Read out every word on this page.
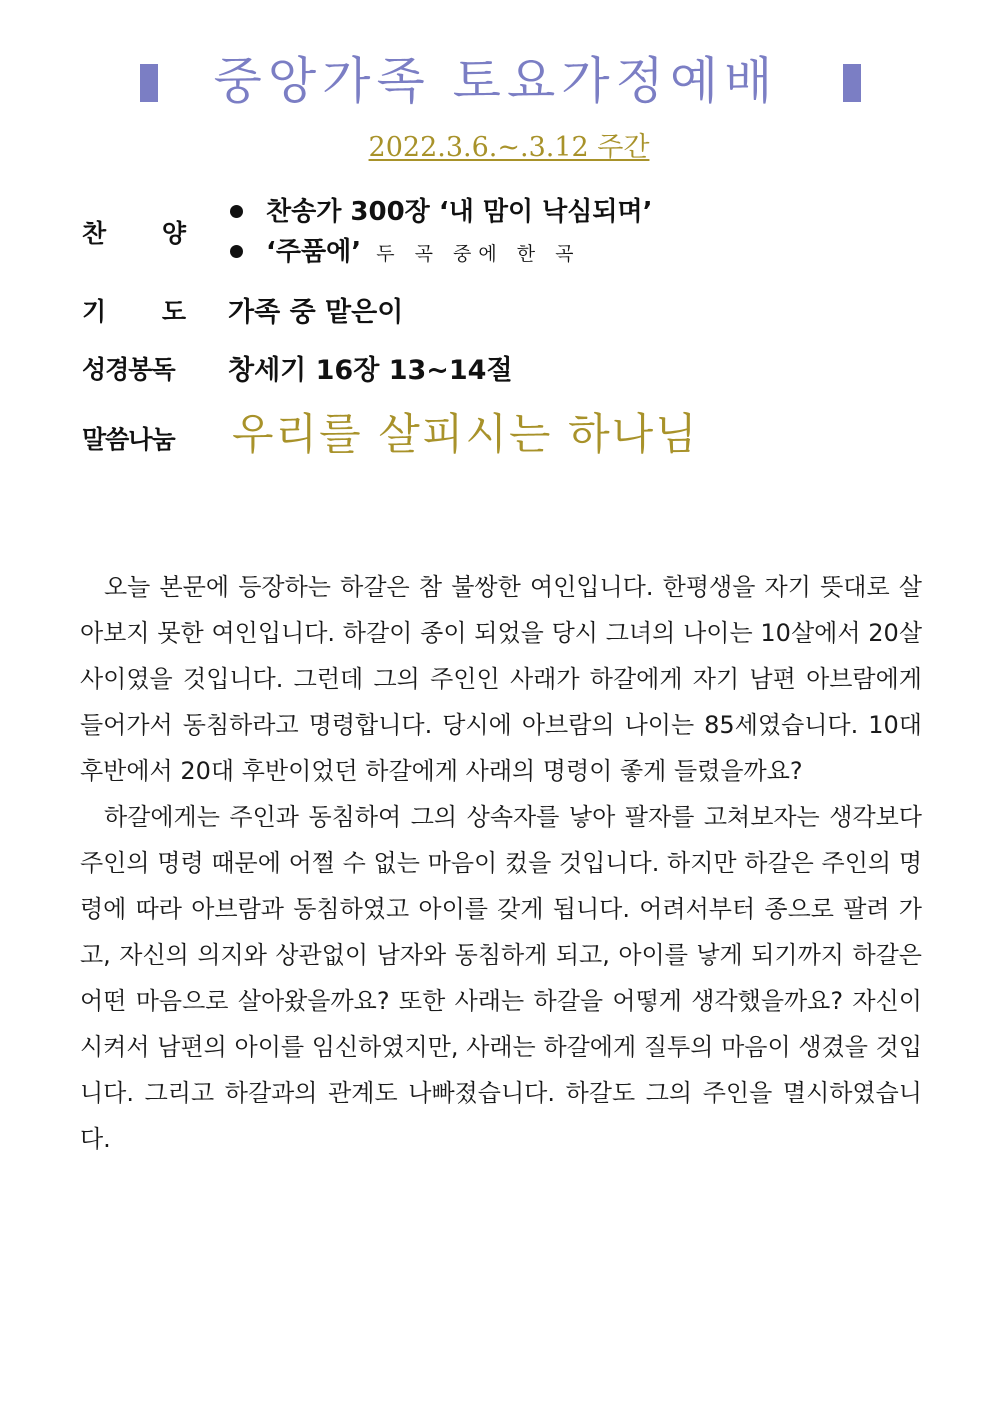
중앙가족 토요가정예배
2022.3.6.~.3.12 주간
찬 양
찬송가 300장 ‘내 맘이 낙심되며’
‘주품에’ 두 곡 중에 한 곡
기 도 가족 중 맡은이
성경봉독 창세기 16장 13~14절
말씀나눔 우리를 살피시는 하나님

오늘 본문에 등장하는 하갈은 참 불쌍한 여인입니다. 한평생을 자기 뜻대로 살아보지 못한 여인입니다. 하갈이 종이 되었을 당시 그녀의 나이는 10살에서 20살 사이였을 것입니다. 그런데 그의 주인인 사래가 하갈에게 자기 남편 아브람에게 들어가서 동침하라고 명령합니다. 당시에 아브람의 나이는 85세였습니다. 10대 후반에서 20대 후반이었던 하갈에게 사래의 명령이 좋게 들렸을까요?

하갈에게는 주인과 동침하여 그의 상속자를 낳아 팔자를 고쳐보자는 생각보다 주인의 명령 때문에 어쩔 수 없는 마음이 컸을 것입니다. 하지만 하갈은 주인의 명령에 따라 아브람과 동침하였고 아이를 갖게 됩니다. 어려서부터 종으로 팔려 가고, 자신의 의지와 상관없이 남자와 동침하게 되고, 아이를 낳게 되기까지 하갈은 어떤 마음으로 살아왔을까요? 또한 사래는 하갈을 어떻게 생각했을까요? 자신이 시켜서 남편의 아이를 임신하였지만, 사래는 하갈에게 질투의 마음이 생겼을 것입니다. 그리고 하갈과의 관계도 나빠졌습니다. 하갈도 그의 주인을 멸시하였습니다.
